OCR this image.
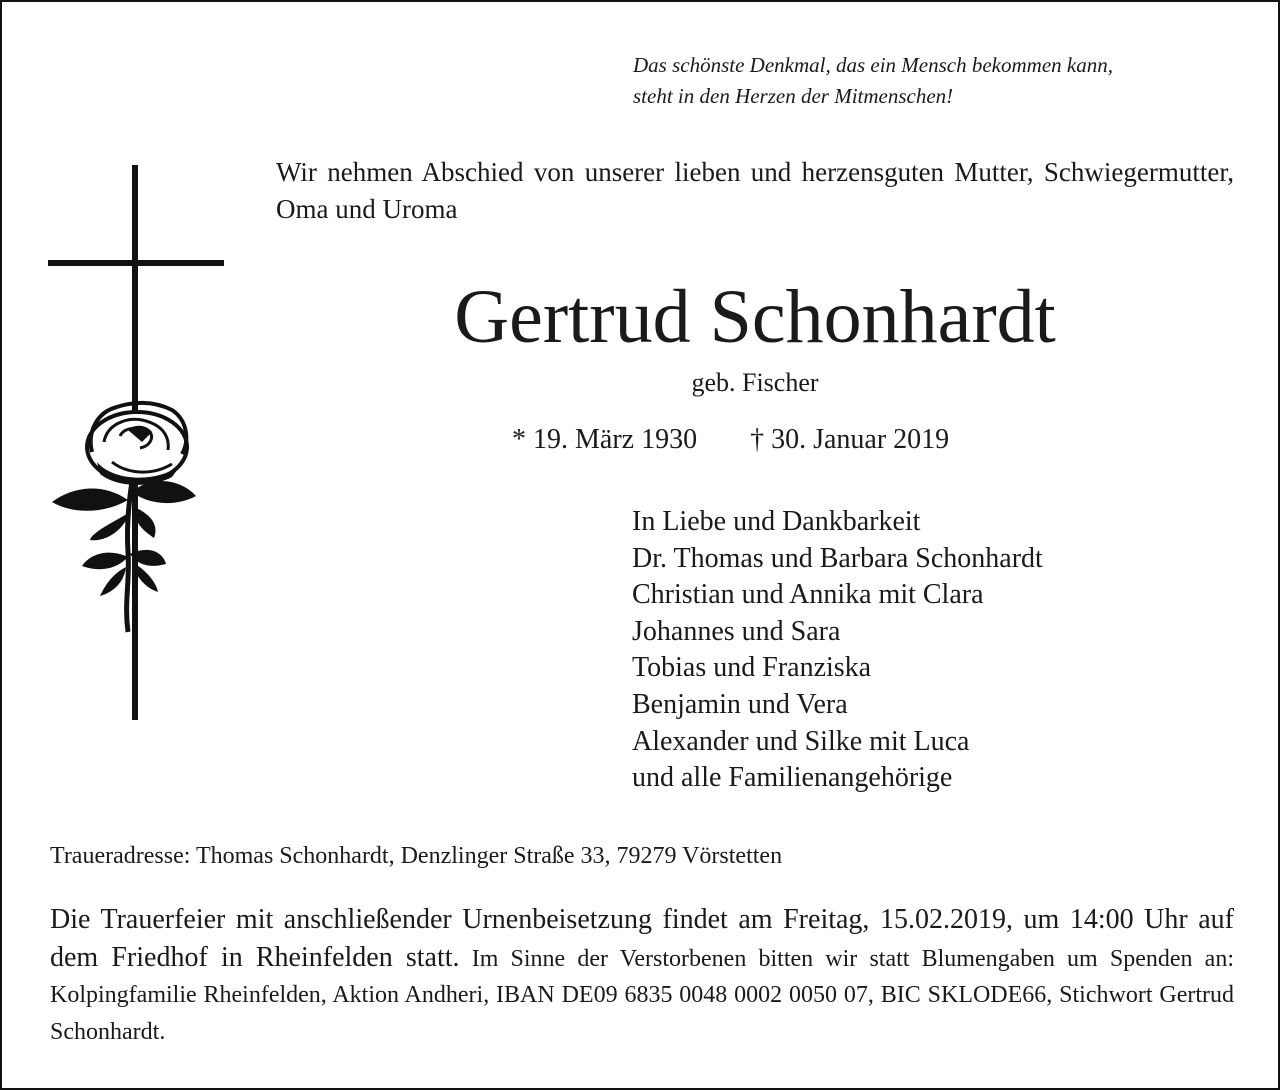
Das schönste Denkmal, das ein Mensch bekommen kann,
steht in den Herzen der Mitmenschen!
Wir nehmen Abschied von unserer lieben und herzensguten Mutter, Schwiegermutter, Oma und Uroma
Gertrud Schonhardt
geb. Fischer
* 19. März 1930 † 30. Januar 2019
In Liebe und Dankbarkeit
Dr. Thomas und Barbara Schonhardt
Christian und Annika mit Clara
Johannes und Sara
Tobias und Franziska
Benjamin und Vera
Alexander und Silke mit Luca
und alle Familienangehörige
Traueradresse: Thomas Schonhardt, Denzlinger Straße 33, 79279 Vörstetten
Die Trauerfeier mit anschließender Urnenbeisetzung findet am Freitag, 15.02.2019, um 14:00 Uhr auf dem Friedhof in Rheinfelden statt. Im Sinne der Verstorbenen bitten wir statt Blumengaben um Spenden an: Kolpingfamilie Rheinfelden, Aktion Andheri, IBAN DE09 6835 0048 0002 0050 07, BIC SKLODE66, Stichwort Gertrud Schonhardt.
